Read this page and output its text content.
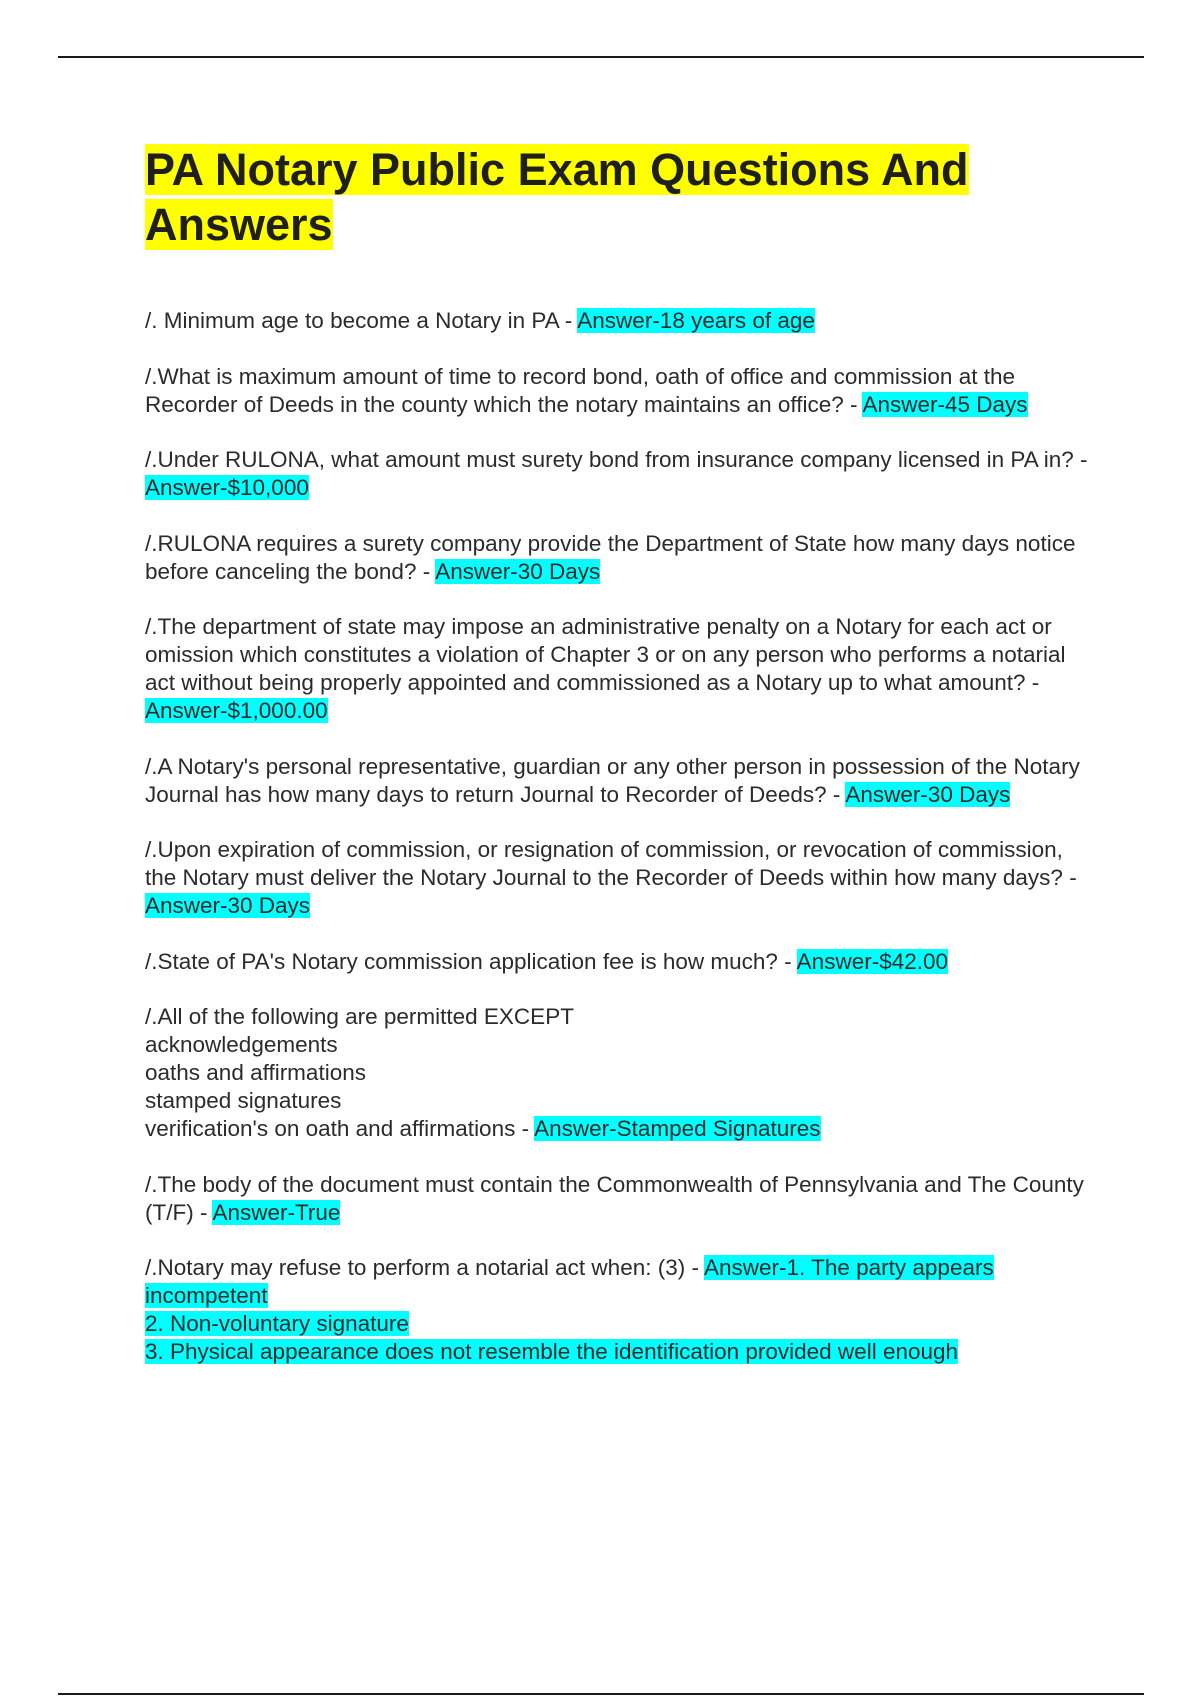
PA Notary Public Exam Questions And Answers

/. Minimum age to become a Notary in PA - Answer-18 years of age

/.What is maximum amount of time to record bond, oath of office and commission at the Recorder of Deeds in the county which the notary maintains an office? - Answer-45 Days

/.Under RULONA, what amount must surety bond from insurance company licensed in PA in? - Answer-$10,000

/.RULONA requires a surety company provide the Department of State how many days notice before canceling the bond? - Answer-30 Days

/.The department of state may impose an administrative penalty on a Notary for each act or omission which constitutes a violation of Chapter 3 or on any person who performs a notarial act without being properly appointed and commissioned as a Notary up to what amount? - Answer-$1,000.00

/.A Notary's personal representative, guardian or any other person in possession of the Notary Journal has how many days to return Journal to Recorder of Deeds? - Answer-30 Days

/.Upon expiration of commission, or resignation of commission, or revocation of commission, the Notary must deliver the Notary Journal to the Recorder of Deeds within how many days? - Answer-30 Days

/.State of PA's Notary commission application fee is how much? - Answer-$42.00

/.All of the following are permitted EXCEPT
acknowledgements
oaths and affirmations
stamped signatures
verification's on oath and affirmations - Answer-Stamped Signatures

/.The body of the document must contain the Commonwealth of Pennsylvania and The County (T/F) - Answer-True

/.Notary may refuse to perform a notarial act when: (3) - Answer-1. The party appears incompetent
2. Non-voluntary signature
3. Physical appearance does not resemble the identification provided well enough
